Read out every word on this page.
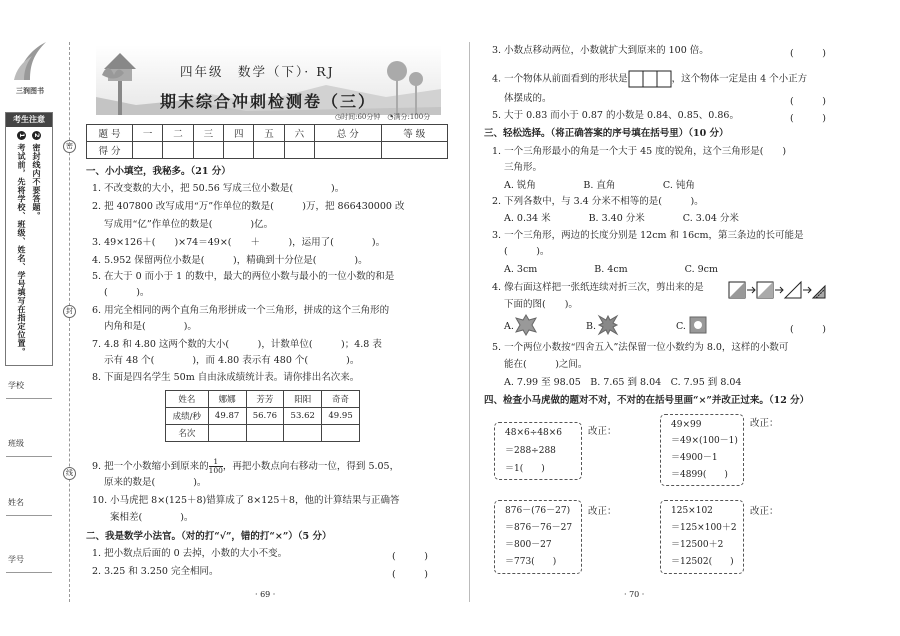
三润图书
考生注意
1 考试前，先将学校、班级、姓名、学号填写在指定位置。
2 密封线内不要答题。
学校
班级
姓名
学号
密
封
线
四年级　数学（下）· RJ
期末综合冲刺检测卷（三）
◷时间:60分钟　◔满分:100分
题 号	一	二	三	四	五	六	总 分	等 级
得 分								
一、小小填空，我秘多。（21 分）
1. 不改变数的大小，把 50.56 写成三位小数是(　　　　)。
2. 把 407800 改写成用“万”作单位的数是(　　　)万，把 866430000 改
写成用“亿”作单位的数是(　　　　)亿。
3. 49×126＋(　　)×74＝49×(　　＋　　　)，运用了(　　　　)。
4. 5.952 保留两位小数是(　　　)，精确到十分位是(　　　　)。
5. 在大于 0 而小于 1 的数中，最大的两位小数与最小的一位小数的和是
(　　　)。
6. 用完全相同的两个直角三角形拼成一个三角形，拼成的这个三角形的
内角和是(　　　　)。
7. 4.8 和 4.80 这两个数的大小(　　　)，计数单位(　　　)；4.8 表
示有 48 个(　　　　)，而 4.80 表示有 480 个(　　　　)。
8. 下面是四名学生 50m 自由泳成绩统计表。请你排出名次来。
姓名	娜娜	芳芳	阳阳	奇奇
成绩/秒	49.87	56.76	53.62	49.95
名次				
9. 把一个小数缩小到原来的 $\frac{1}{100}$ ，再把小数点向右移动一位，得到 5.05，
原来的数是(　　　　)。
10. 小马虎把 8×(125＋8)错算成了 8×125＋8，他的计算结果与正确答
案相差(　　　　)。
二、我是数学小法官。（对的打“√”，错的打“×”）（5 分）
1. 把小数点后面的 0 去掉，小数的大小不变。	(　　　)
2. 3.25 和 3.250 完全相同。	(　　　)
· 69 ·
3. 小数点移动两位，小数就扩大到原来的 100 倍。	(　　　)
4. 一个物体从前面看到的形状是	，这个物体一定是由 4 个小正方
体摆成的。	(　　　)
5. 大于 0.83 而小于 0.87 的小数是 0.84、0.85、0.86。	(　　　)
三、轻松选择。（将正确答案的序号填在括号里）（10 分）
1. 一个三角形最小的角是一个大于 45 度的锐角，这个三角形是(　　)
三角形。
A. 锐角　　　　　B. 直角　　　　　C. 钝角
2. 下列各数中，与 3.4 分米不相等的是(　　　)。
A. 0.34 米　　　　B. 3.40 分米　　　　C. 3.04 分米
3. 一个三角形，两边的长度分别是 12cm 和 16cm，第三条边的长可能是
(　　　)。
A. 3cm　　　　　　B. 4cm　　　　　　C. 9cm
4. 像右面这样把一张纸连续对折三次，剪出来的是
下面的图(　　)。
A.	B.	C.	(　　　)
5. 一个两位小数按“四舍五入”法保留一位小数约为 8.0，这样的小数可
能在(　　　)之间。
A. 7.99 至 98.05　B. 7.65 到 8.04　C. 7.95 到 8.04
四、检查小马虎做的题对不对，不对的在括号里画“×”并改正过来。（12 分）
48×6÷48×6
＝288÷288
＝1(　　)
改正：
49×99
＝49×(100－1)
＝4900－1
＝4899(　　)
改正：
876－(76－27)
＝876－76－27
＝800－27
＝773(　　)
改正：	125×102
＝125×100＋2
＝12500＋2
＝12502(　　)
改正：
· 70 ·
